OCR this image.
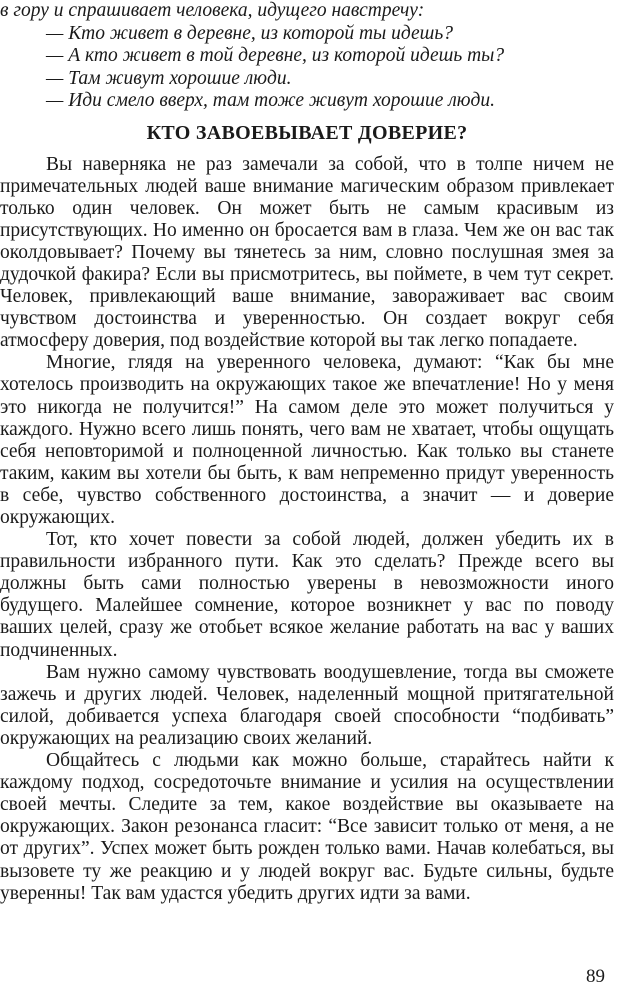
в гору и спрашивает человека, идущего навстречу:

— Кто живет в деревне, из которой ты идешь?

— А кто живет в той деревне, из которой идешь ты?

— Там живут хорошие люди.

— Иди смело вверх, там тоже живут хорошие люди.

КТО ЗАВОЕВЫВАЕТ ДОВЕРИЕ?

Вы наверняка не раз замечали за собой, что в толпе ничем не примечательных людей ваше внимание магическим образом привлекает только один человек. Он может быть не самым красивым из присутствующих. Но именно он бросается вам в глаза. Чем же он вас так околдовывает? Почему вы тянетесь за ним, словно послушная змея за дудочкой факира? Если вы присмотритесь, вы поймете, в чем тут секрет. Человек, привлекающий ваше внимание, завораживает вас своим чувством достоинства и уверенностью. Он создает вокруг себя атмосферу доверия, под воздействие которой вы так легко попадаете.

Многие, глядя на уверенного человека, думают: “Как бы мне хотелось производить на окружающих такое же впечатление! Но у меня это никогда не получится!” На самом деле это может получиться у каждого. Нужно всего лишь понять, чего вам не хватает, чтобы ощущать себя неповторимой и полноценной личностью. Как только вы станете таким, каким вы хотели бы быть, к вам непременно придут уверенность в себе, чувство собственного достоинства, а значит — и доверие окружающих.

Тот, кто хочет повести за собой людей, должен убедить их в правильности избранного пути. Как это сделать? Прежде всего вы должны быть сами полностью уверены в невозможности иного будущего. Малейшее сомнение, которое возникнет у вас по поводу ваших целей, сразу же отобьет всякое желание работать на вас у ваших подчиненных.

Вам нужно самому чувствовать воодушевление, тогда вы сможете зажечь и других людей. Человек, наделенный мощной притягательной силой, добивается успеха благодаря своей способности “подбивать” окружающих на реализацию своих желаний.

Общайтесь с людьми как можно больше, старайтесь найти к каждому подход, сосредоточьте внимание и усилия на осуществлении своей мечты. Следите за тем, какое воздействие вы оказываете на окружающих. Закон резонанса гласит: “Все зависит только от меня, а не от других”. Успех может быть рожден только вами. Начав колебаться, вы вызовете ту же реакцию и у людей вокруг вас. Будьте сильны, будьте уверенны! Так вам удастся убедить других идти за вами.

89
